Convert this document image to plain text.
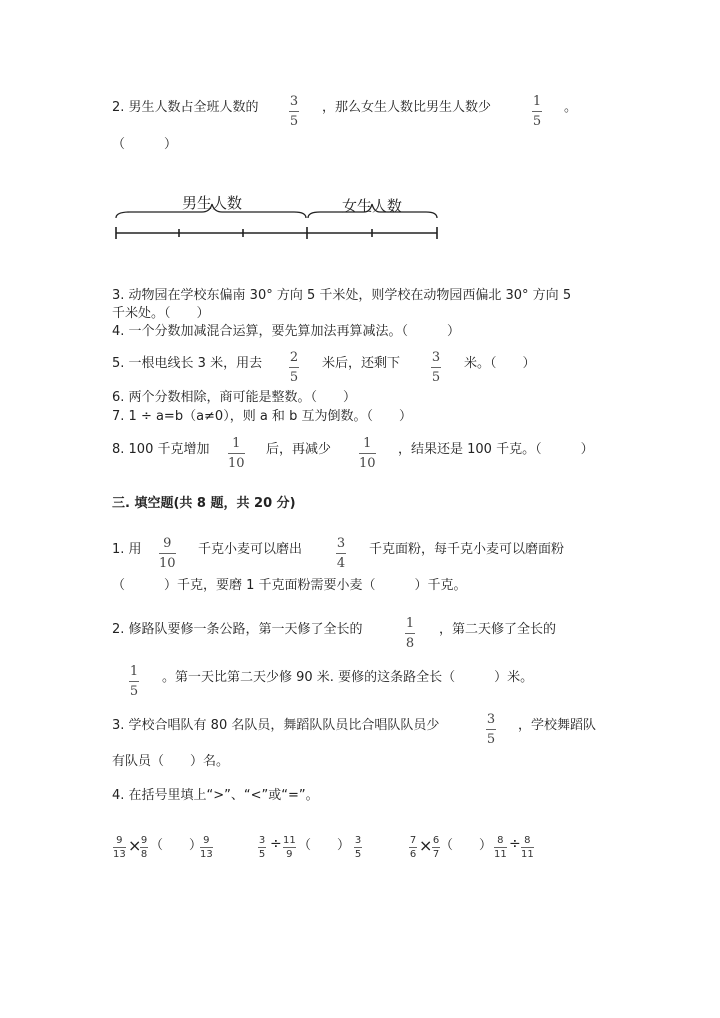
2. 男生人数占全班人数的 3
5
，那么女生人数比男生人数少	1
5
。
（　　　）
男生人数	女生人数
3. 动物园在学校东偏南 30° 方向 5 千米处，则学校在动物园西偏北 30° 方向 5
千米处。（　　）
4. 一个分数加减混合运算，要先算加法再算减法。（　　　）
5. 一根电线长 3 米，用去 2
5
米后，还剩下 3
5
米。（　　）
6. 两个分数相除，商可能是整数。（　　）
7. 1 ÷ a=b（a≠0），则 a 和 b 互为倒数。（　　）
8. 100 千克增加 1
10
后，再减少 1
10
，结果还是 100 千克。（　　　）
三. 填空题(共 8 题，共 20 分)
1. 用 9
10
千克小麦可以磨出	3
4
千克面粉，每千克小麦可以磨面粉
（　　　）千克，要磨 1 千克面粉需要小麦（　　　）千克。
2. 修路队要修一条公路，第一天修了全长的	1
8
，第二天修了全长的
1
5
。第一天比第二天少修 90 米. 要修的这条路全长（　　　）米。
3. 学校合唱队有 80 名队员，舞蹈队队员比合唱队队员少	3
5
，学校舞蹈队
有队员（　　）名。
4. 在括号里填上“>”、“<”或“=”。
9
13 × 9
8
（　　） 9
13
3
5
÷ 11
9
（　　） 3
5
7
6 × 6
7
（　　） 8
11
÷ 8
11
